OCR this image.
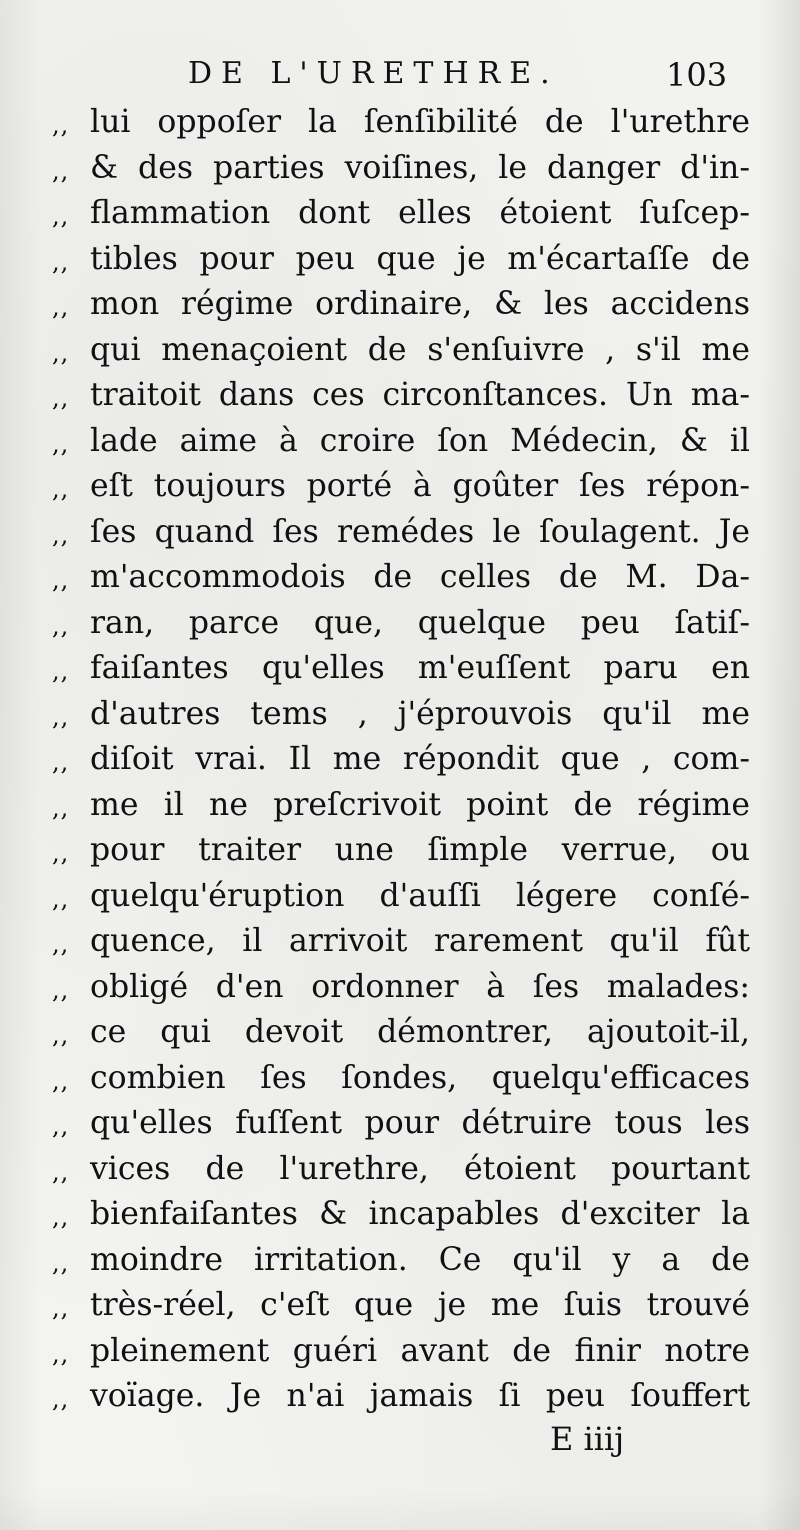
DE L'URETHRE.	103
,, lui oppoſer la ſenſibilité de l'urethre
,, & des parties voiſines, le danger d'in-
,, flammation dont elles étoient ſuſcep-
,, tibles pour peu que je m'écartaſſe de
,, mon régime ordinaire, & les accidens
,, qui menaçoient de s'enſuivre , s'il me
,, traitoit dans ces circonſtances. Un ma-
,, lade aime à croire ſon Médecin, & il
,, eſt toujours porté à goûter ſes répon-
,, ſes quand ſes remédes le ſoulagent. Je
,, m'accommodois de celles de M. Da-
,, ran, parce que, quelque peu ſatiſ-
,, faiſantes qu'elles m'euſſent paru en
,, d'autres tems , j'éprouvois qu'il me
,, diſoit vrai. Il me répondit que , com-
,, me il ne preſcrivoit point de régime
,, pour traiter une ſimple verrue, ou
,, quelqu'éruption d'auſſi légere conſé-
,, quence, il arrivoit rarement qu'il fût
,, obligé d'en ordonner à ſes malades:
,, ce qui devoit démontrer, ajoutoit-il,
,, combien ſes ſondes, quelqu'efficaces
,, qu'elles fuſſent pour détruire tous les
,, vices de l'urethre, étoient pourtant
,, bienfaiſantes & incapables d'exciter la
,, moindre irritation. Ce qu'il y a de
,, très-réel, c'eſt que je me ſuis trouvé
,, pleinement guéri avant de finir notre
,, voïage. Je n'ai jamais ſi peu ſouffert
E iiij
